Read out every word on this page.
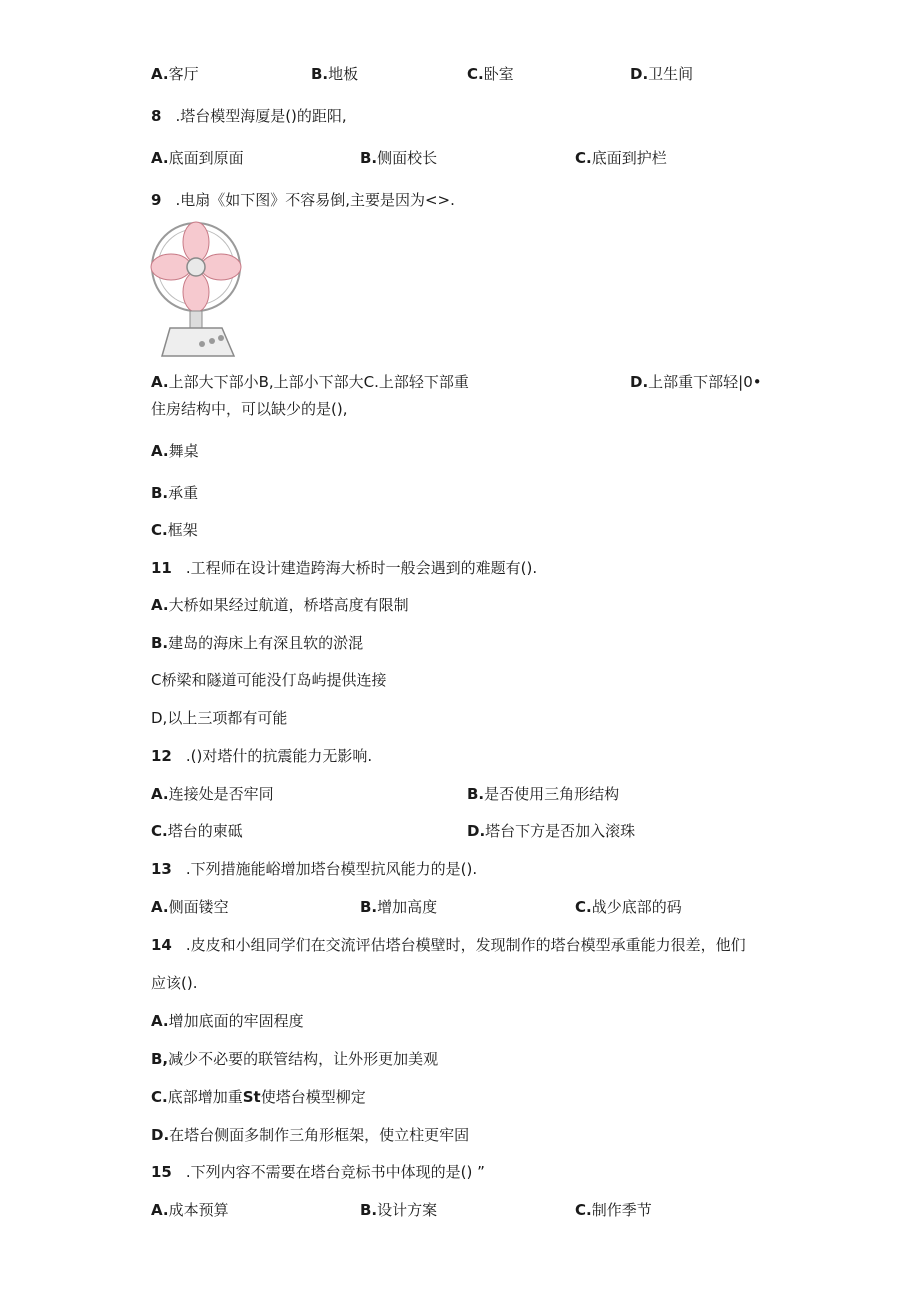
A.客厅	B.地板	C.卧室	D.卫生间
8 .塔台模型海厦是()的距阳,
A.底面到原面	B.侧面校长	C.底面到护栏
9 .电扇《如下图》不容易倒,主要是因为<>.
A.上部大下部小B,上部小下部大C.上部轻下部重	D.上部重下部轻|0•
住房结构中，可以缺少的是(),
A.舞桌
B.承重
C.框架
11 .工程师在设计建造跨海大桥时一般会遇到的难题有().
A.大桥如果经过航道，桥塔高度有限制
B.建岛的海床上有深且软的淤混
C桥梁和隧道可能没仃岛屿提供连接
D,以上三项都有可能
12 .()对塔什的抗震能力无影响.
A.连接处是否牢同	B.是否使用三角形结构
C.塔台的柬砥	D.塔台下方是否加入滚珠
13 .下列措施能峪增加塔台模型抗风能力的是().
A.侧面镂空	B.增加高度	C.战少底部的码
14 .皮皮和小组同学们在交流评估塔台模壁时，发现制作的塔台模型承重能力很差，他们
应该().
A.增加底面的牢固程度
B,减少不必要的联管结构，让外形更加美观
C.底部增加重St使塔台模型柳定
D.在塔台侧面多制作三角形框架，使立柱更牢固
15 .下列内容不需要在塔台竞标书中体现的是() ”
A.成本预算	B.设计方案	C.制作季节
